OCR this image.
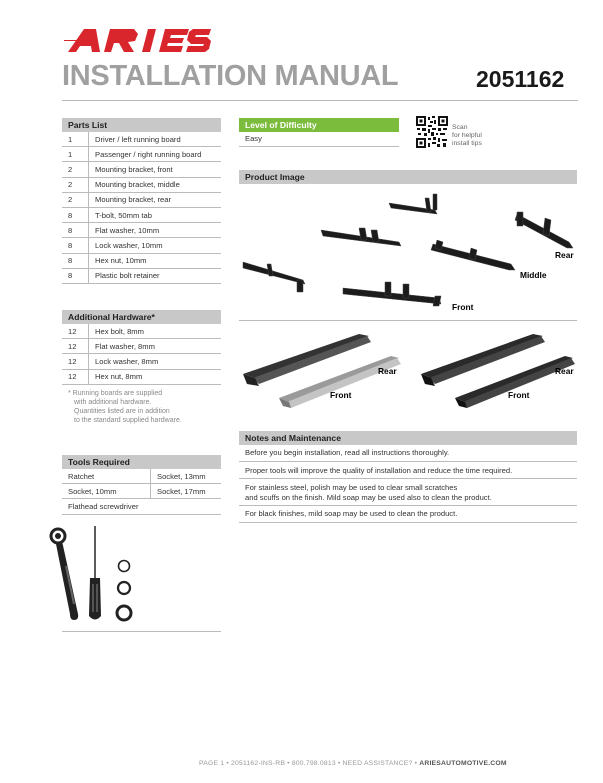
INSTALLATION MANUAL	2051162
Parts List
1	Driver / left running board
1	Passenger / right running board
2	Mounting bracket, front
2	Mounting bracket, middle
2	Mounting bracket, rear
8	T-bolt, 50mm tab
8	Flat washer, 10mm
8	Lock washer, 10mm
8	Hex nut, 10mm
8	Plastic bolt retainer
Additional Hardware*
12	Hex bolt, 8mm
12	Flat washer, 8mm
12	Lock washer, 8mm
12	Hex nut, 8mm
* Running boards are supplied
with additional hardware.
Quantities listed are in addition
to the standard supplied hardware.
Tools Required
Ratchet	Socket, 13mm
Socket, 10mm	Socket, 17mm
Flathead screwdriver	
Level of Difficulty
Easy
Scan
for helpful
install tips
Product Image
Rear
Middle
Front
Rear
Front
Rear
Front
Notes and Maintenance
Before you begin installation, read all instructions thoroughly.
Proper tools will improve the quality of installation and reduce the time required.
For stainless steel, polish may be used to clear small scratches
and scuffs on the finish. Mild soap may be used also to clean the product.
For black finishes, mild soap may be used to clean the product.
PAGE 1 • 2051162-INS-RB • 800.798.0813 • NEED ASSISTANCE? • ARIESAUTOMOTIVE.COM
